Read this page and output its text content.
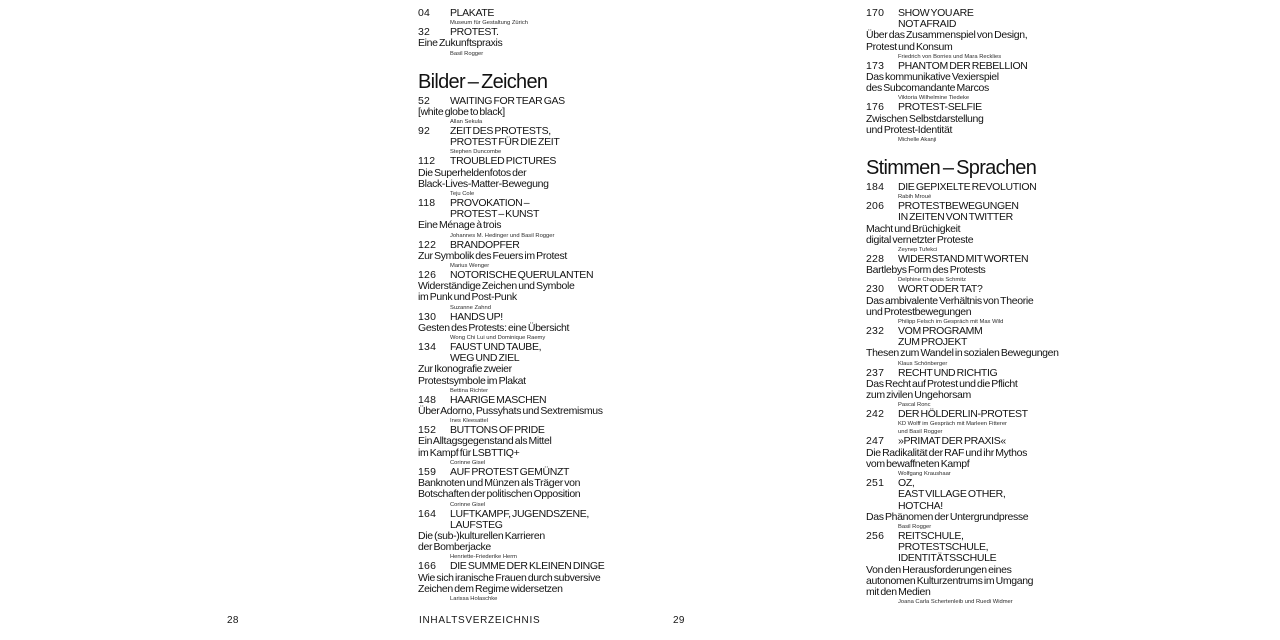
04 PLAKATE
Museum für Gestaltung Zürich
32 PROTEST.
Eine Zukunftspraxis
Basil Rogger
Bilder – Zeichen
52 WAITING FOR TEAR GAS
[white globe to black]
Allan Sekula
92 ZEIT DES PROTESTS,
PROTEST FÜR DIE ZEIT
Stephen Duncombe
112 TROUBLED PICTURES
Die Superheldenfotos der
Black-Lives-Matter-Bewegung
Teju Cole
118 PROVOKATION –
PROTEST – KUNST
Eine Ménage à trois
Johannes M. Hedinger und Basil Rogger
122 BRANDOPFER
Zur Symbolik des Feuers im Protest
Marius Wenger
126 NOTORISCHE QUERULANTEN
Widerständige Zeichen und Symbole
im Punk und Post-Punk
Suzanne Zahnd
130 HANDS UP!
Gesten des Protests: eine Übersicht
Wong Chi Lui und Dominique Raemy
134 FAUST UND TAUBE,
WEG UND ZIEL
Zur Ikonografie zweier
Protestsymbole im Plakat
Bettina Richter
148 HAARIGE MASCHEN
Über Adorno, Pussyhats und Sextremismus
Ines Kleesattel
152 BUTTONS OF PRIDE
Ein Alltagsgegenstand als Mittel
im Kampf für LSBTTIQ+
Corinne Gisel
159 AUF PROTEST GEMÜNZT
Banknoten und Münzen als Träger von
Botschaften der politischen Opposition
Corinne Gisel
164 LUFTKAMPF, JUGENDSZENE,
LAUFSTEG
Die (sub-)kulturellen Karrieren
der Bomberjacke
Henriette-Friederike Herm
166 DIE SUMME DER KLEINEN DINGE
Wie sich iranische Frauen durch subversive
Zeichen dem Regime widersetzen
Larissa Holaschke
170 SHOW YOU ARE
NOT AFRAID
Über das Zusammenspiel von Design,
Protest und Konsum
Friedrich von Borries und Mara Recklies
173 PHANTOM DER REBELLION
Das kommunikative Vexierspiel
des Subcomandante Marcos
Viktoria Wilhelmine Tiedeke
176 PROTEST-SELFIE
Zwischen Selbstdarstellung
und Protest-Identität
Michelle Akanji
Stimmen – Sprachen
184 DIE GEPIXELTE REVOLUTION
Rabih Mroué
206 PROTESTBEWEGUNGEN
IN ZEITEN VON TWITTER
Macht und Brüchigkeit
digital vernetzter Proteste
Zeynep Tufekci
228 WIDERSTAND MIT WORTEN
Bartlebys Form des Protests
Delphine Chapuis Schmitz
230 WORT ODER TAT?
Das ambivalente Verhältnis von Theorie
und Protestbewegungen
Philipp Felsch im Gespräch mit Max Wild
232 VOM PROGRAMM
ZUM PROJEKT
Thesen zum Wandel in sozialen Bewegungen
Klaus Schönberger
237 RECHT UND RICHTIG
Das Recht auf Protest und die Pflicht
zum zivilen Ungehorsam
Pascal Ronc
242 DER HÖLDERLIN-PROTEST
KD Wolff im Gespräch mit Marleen Fitterer
und Basil Rogger
247 »PRIMAT DER PRAXIS«
Die Radikalität der RAF und ihr Mythos
vom bewaffneten Kampf
Wolfgang Kraushaar
251 OZ,
EAST VILLAGE OTHER,
HOTCHA!
Das Phänomen der Untergrundpresse
Basil Rogger
256 REITSCHULE,
PROTESTSCHULE,
IDENTITÄTSSCHULE
Von den Herausforderungen eines
autonomen Kulturzentrums im Umgang
mit den Medien
Joana Carla Schertenleib und Ruedi Widmer
28	INHALTSVERZEICHNIS	29
